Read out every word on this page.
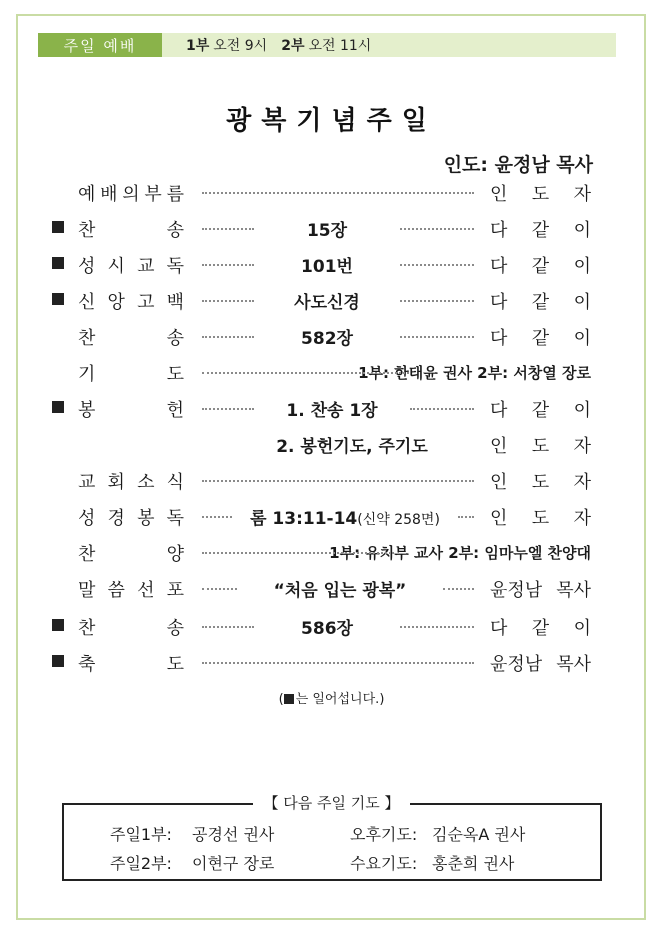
주일 예배	1부 오전 9시 2부 오전 11시
광복기념주일
인도: 윤정남 목사
예 배 의 부 름	인 도 자
찬	송	15장	다 같 이
성 시 교 독	101번	다 같 이
신 앙 고 백	사도신경	다 같 이
찬	송	582장	다 같 이
기	도	1부: 한태윤 권사 2부: 서창열 장로
봉	헌	1. 찬송 1장	다 같 이
2. 봉헌기도, 주기도	인 도 자
교 회 소 식	인 도 자
성 경 봉 독	롬 13:11-14(신약 258면)	인 도 자
찬	양	1부: 유치부 교사 2부: 임마누엘 찬양대
말 씀 선 포	“처음 입는 광복”	윤정남 목사
찬	송	586장	다 같 이
축	도	윤정남 목사
( 는 일어섭니다.)
【 다음 주일 기도 】
주일1부: 공경선 권사	오후기도: 김순옥A 권사
주일2부: 이현구 장로	수요기도: 홍춘희 권사
